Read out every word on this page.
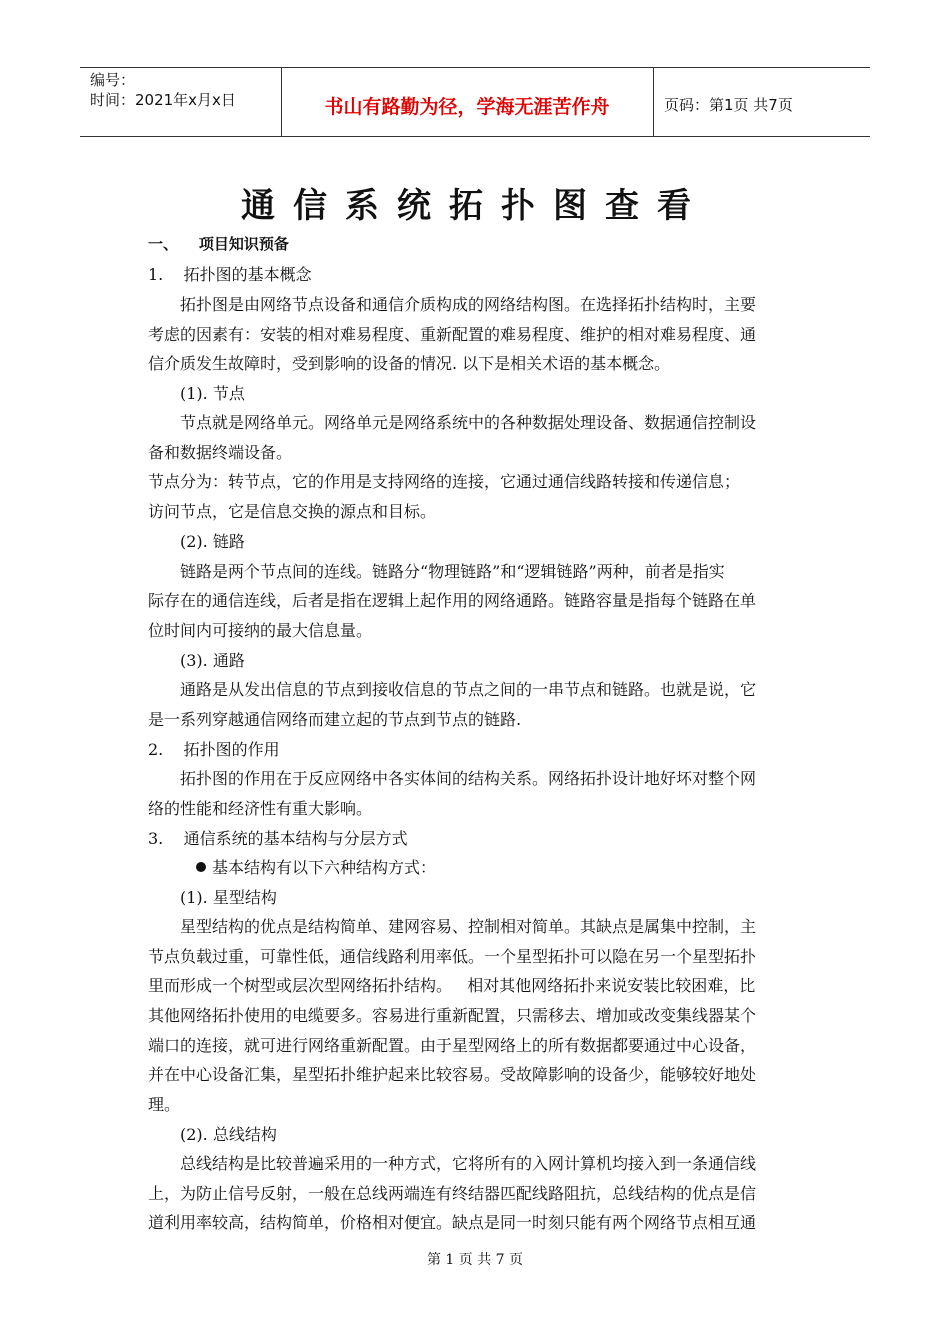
编号：
时间：2021年x月x日	书山有路勤为径，学海无涯苦作舟	页码：第1页 共7页
通信系统拓扑图查看
一、    项目知识预备
1.    拓扑图的基本概念
拓扑图是由网络节点设备和通信介质构成的网络结构图。在选择拓扑结构时，主要
考虑的因素有：安装的相对难易程度、重新配置的难易程度、维护的相对难易程度、通
信介质发生故障时，受到影响的设备的情况. 以下是相关术语的基本概念。
(1). 节点
节点就是网络单元。网络单元是网络系统中的各种数据处理设备、数据通信控制设
备和数据终端设备。
节点分为：转节点，它的作用是支持网络的连接，它通过通信线路转接和传递信息；
访问节点，它是信息交换的源点和目标。
(2). 链路
链路是两个节点间的连线。链路分“物理链路”和“逻辑链路”两种，前者是指实
际存在的通信连线，后者是指在逻辑上起作用的网络通路。链路容量是指每个链路在单
位时间内可接纳的最大信息量。
(3). 通路
通路是从发出信息的节点到接收信息的节点之间的一串节点和链路。也就是说，它
是一系列穿越通信网络而建立起的节点到节点的链路.
2.    拓扑图的作用
拓扑图的作用在于反应网络中各实体间的结构关系。网络拓扑设计地好坏对整个网
络的性能和经济性有重大影响。
3.    通信系统的基本结构与分层方式
基本结构有以下六种结构方式：
(1). 星型结构
星型结构的优点是结构简单、建网容易、控制相对简单。其缺点是属集中控制，主
节点负载过重，可靠性低，通信线路利用率低。一个星型拓扑可以隐在另一个星型拓扑
里而形成一个树型或层次型网络拓扑结构。   相对其他网络拓扑来说安装比较困难，比
其他网络拓扑使用的电缆要多。容易进行重新配置，只需移去、增加或改变集线器某个
端口的连接，就可进行网络重新配置。由于星型网络上的所有数据都要通过中心设备，
并在中心设备汇集，星型拓扑维护起来比较容易。受故障影响的设备少，能够较好地处
理。
(2). 总线结构
总线结构是比较普遍采用的一种方式，它将所有的入网计算机均接入到一条通信线
上，为防止信号反射，一般在总线两端连有终结器匹配线路阻抗，总线结构的优点是信
道利用率较高，结构简单，价格相对便宜。缺点是同一时刻只能有两个网络节点相互通
第 1 页 共 7 页
